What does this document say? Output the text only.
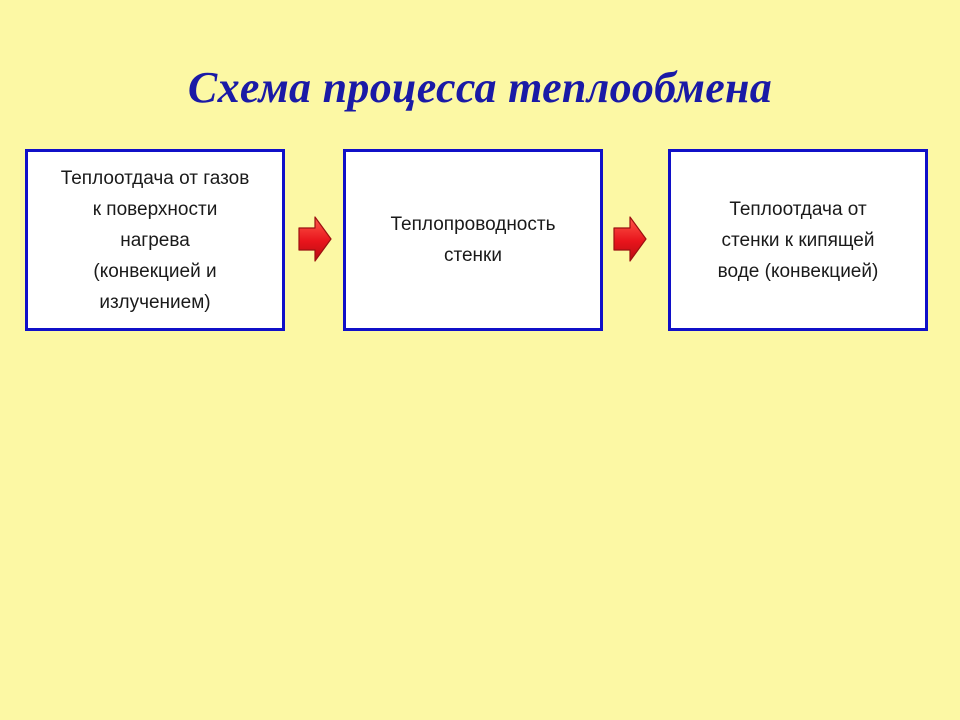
Схема процесса теплообмена
Теплоотдача от газов
к поверхности
нагрева
(конвекцией и
излучением)
Теплопроводность
стенки
Теплоотдача от
стенки к кипящей
воде (конвекцией)
